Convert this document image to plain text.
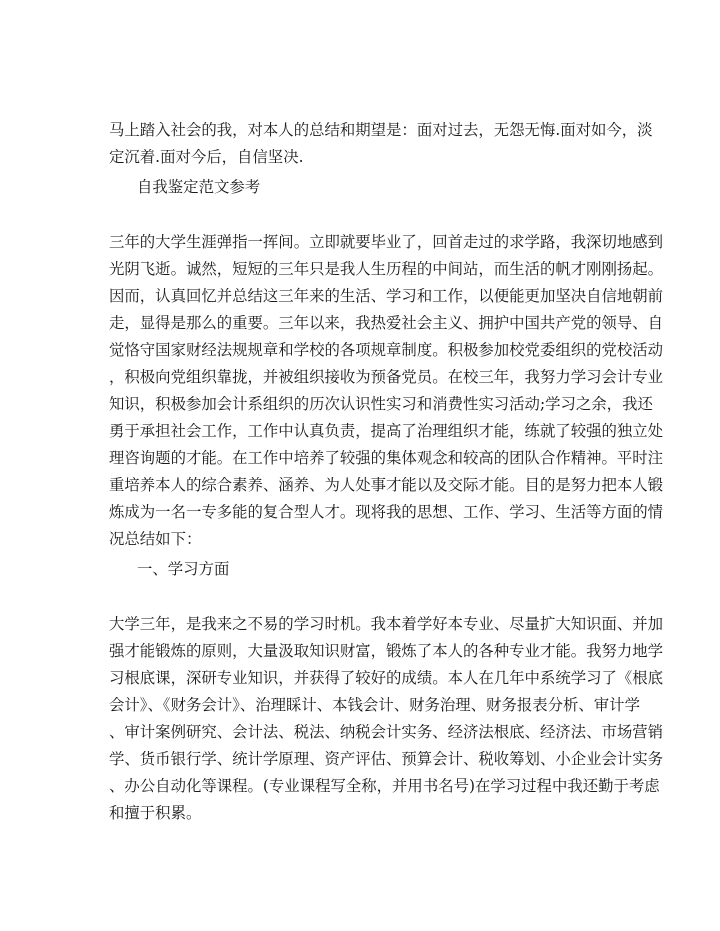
马上踏入社会的我，对本人的总结和期望是：面对过去，无怨无悔.面对如今，淡

定沉着.面对今后，自信坚决.

自我鉴定范文参考

三年的大学生涯弹指一挥间。立即就要毕业了，回首走过的求学路，我深切地感到

光阴飞逝。诚然，短短的三年只是我人生历程的中间站，而生活的帆才刚刚扬起。

因而，认真回忆并总结这三年来的生活、学习和工作，以便能更加坚决自信地朝前

走，显得是那么的重要。三年以来，我热爱社会主义、拥护中国共产党的领导、自

觉恪守国家财经法规规章和学校的各项规章制度。积极参加校党委组织的党校活动

，积极向党组织靠拢，并被组织接收为预备党员。在校三年，我努力学习会计专业

知识，积极参加会计系组织的历次认识性实习和消费性实习活动;学习之余，我还

勇于承担社会工作，工作中认真负责，提高了治理组织才能，练就了较强的独立处

理咨询题的才能。在工作中培养了较强的集体观念和较高的团队合作精神。平时注

重培养本人的综合素养、涵养、为人处事才能以及交际才能。目的是努力把本人锻

炼成为一名一专多能的复合型人才。现将我的思想、工作、学习、生活等方面的情

况总结如下：

一、学习方面

大学三年，是我来之不易的学习时机。我本着学好本专业、尽量扩大知识面、并加

强才能锻炼的原则，大量汲取知识财富，锻炼了本人的各种专业才能。我努力地学

习根底课，深研专业知识，并获得了较好的成绩。本人在几年中系统学习了《根底

会计》、《财务会计》、治理睬计、本钱会计、财务治理、财务报表分析、审计学

、审计案例研究、会计法、税法、纳税会计实务、经济法根底、经济法、市场营销

学、货币银行学、统计学原理、资产评估、预算会计、税收筹划、小企业会计实务

、办公自动化等课程。(专业课程写全称，并用书名号)在学习过程中我还勤于考虑

和擅于积累。
